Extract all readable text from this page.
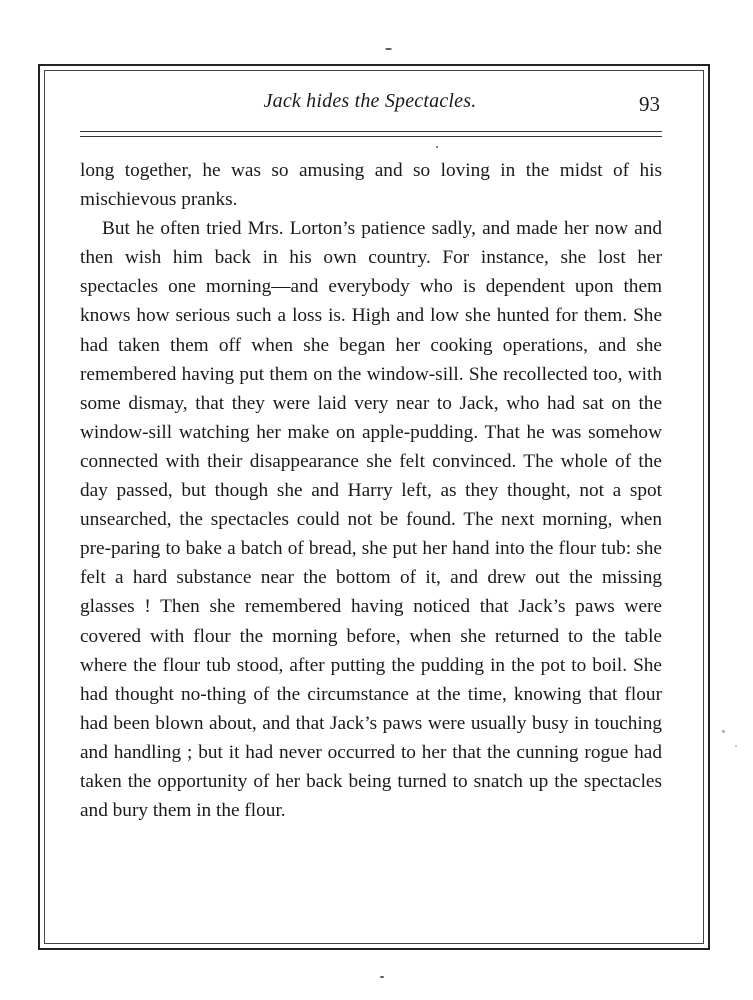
Jack hides the Spectacles.	93

long together, he was so amusing and so loving in the midst of his mischievous pranks.

But he often tried Mrs. Lorton’s patience sadly, and made her now and then wish him back in his own country. For instance, she lost her spectacles one morning—and everybody who is dependent upon them knows how serious such a loss is. High and low she hunted for them. She had taken them off when she began her cooking operations, and she remembered having put them on the window-sill. She recollected too, with some dismay, that they were laid very near to Jack, who had sat on the window-sill watching her make on apple-pudding. That he was somehow connected with their disappearance she felt convinced. The whole of the day passed, but though she and Harry left, as they thought, not a spot unsearched, the spectacles could not be found. The next morning, when pre-paring to bake a batch of bread, she put her hand into the flour tub: she felt a hard substance near the bottom of it, and drew out the missing glasses ! Then she remembered having noticed that Jack’s paws were covered with flour the morning before, when she returned to the table where the flour tub stood, after putting the pudding in the pot to boil. She had thought no-thing of the circumstance at the time, knowing that flour had been blown about, and that Jack’s paws were usually busy in touching and handling ; but it had never occurred to her that the cunning rogue had taken the opportunity of her back being turned to snatch up the spectacles and bury them in the flour.
